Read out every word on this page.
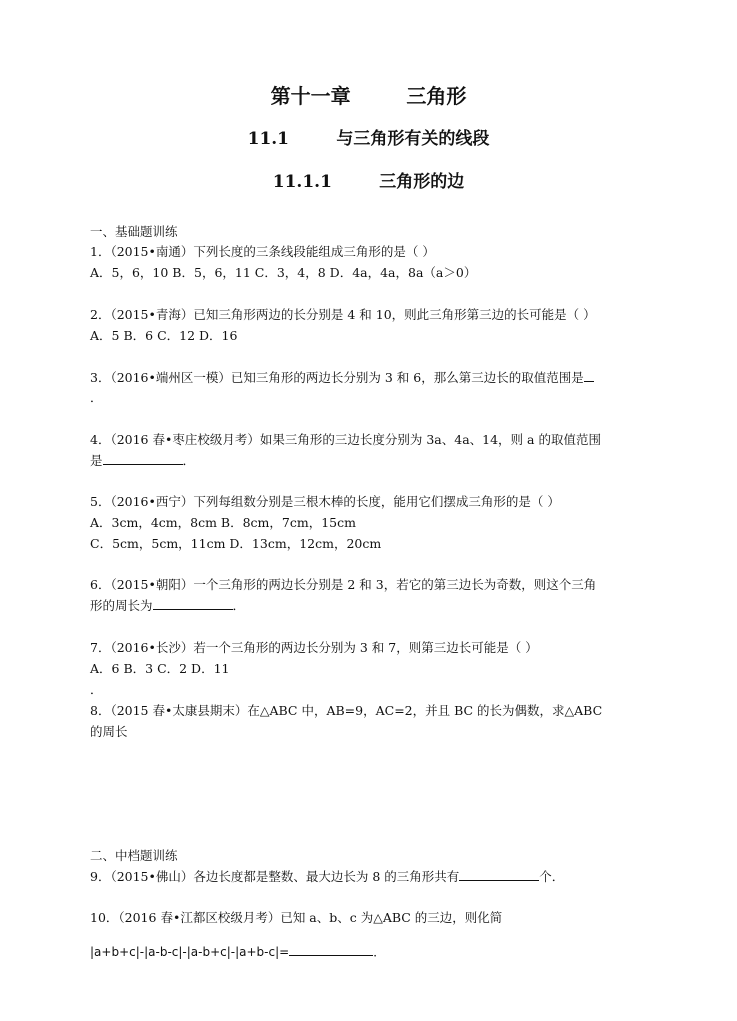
第十一章        三角形
11.1        与三角形有关的线段
11.1.1        三角形的边
一、基础题训练
1．（2015•南通）下列长度的三条线段能组成三角形的是（ ）
A．5，6，10 B．5，6，11 C．3，4，8 D．4a，4a，8a（a＞0）
2．（2015•青海）已知三角形两边的长分别是 4 和 10，则此三角形第三边的长可能是（ ）
A．5 B．6 C．12 D．16
3．（2016•端州区一模）已知三角形的两边长分别为 3 和 6，那么第三边长的取值范围是
．
4．（2016 春•枣庄校级月考）如果三角形的三边长度分别为 3a、4a、14，则 a 的取值范围
是	．
5．（2016•西宁）下列每组数分别是三根木棒的长度，能用它们摆成三角形的是（ ）
A．3cm，4cm，8cm B．8cm，7cm，15cm
C．5cm，5cm，11cm D．13cm，12cm，20cm
6．（2015•朝阳）一个三角形的两边长分别是 2 和 3，若它的第三边长为奇数，则这个三角
形的周长为	．
7．（2016•长沙）若一个三角形的两边长分别为 3 和 7，则第三边长可能是（ ）
A．6 B．3 C．2 D．11
．
8．（2015 春•太康县期末）在△ABC 中，AB=9，AC=2，并且 BC 的长为偶数，求△ABC
的周长
二、中档题训练
9．（2015•佛山）各边长度都是整数、最大边长为 8 的三角形共有	个．
10．（2016 春•江都区校级月考）已知 a、b、c 为△ABC 的三边，则化简
|a+b+c|-|a-b-c|-|a-b+c|-|a+b-c|=	．
